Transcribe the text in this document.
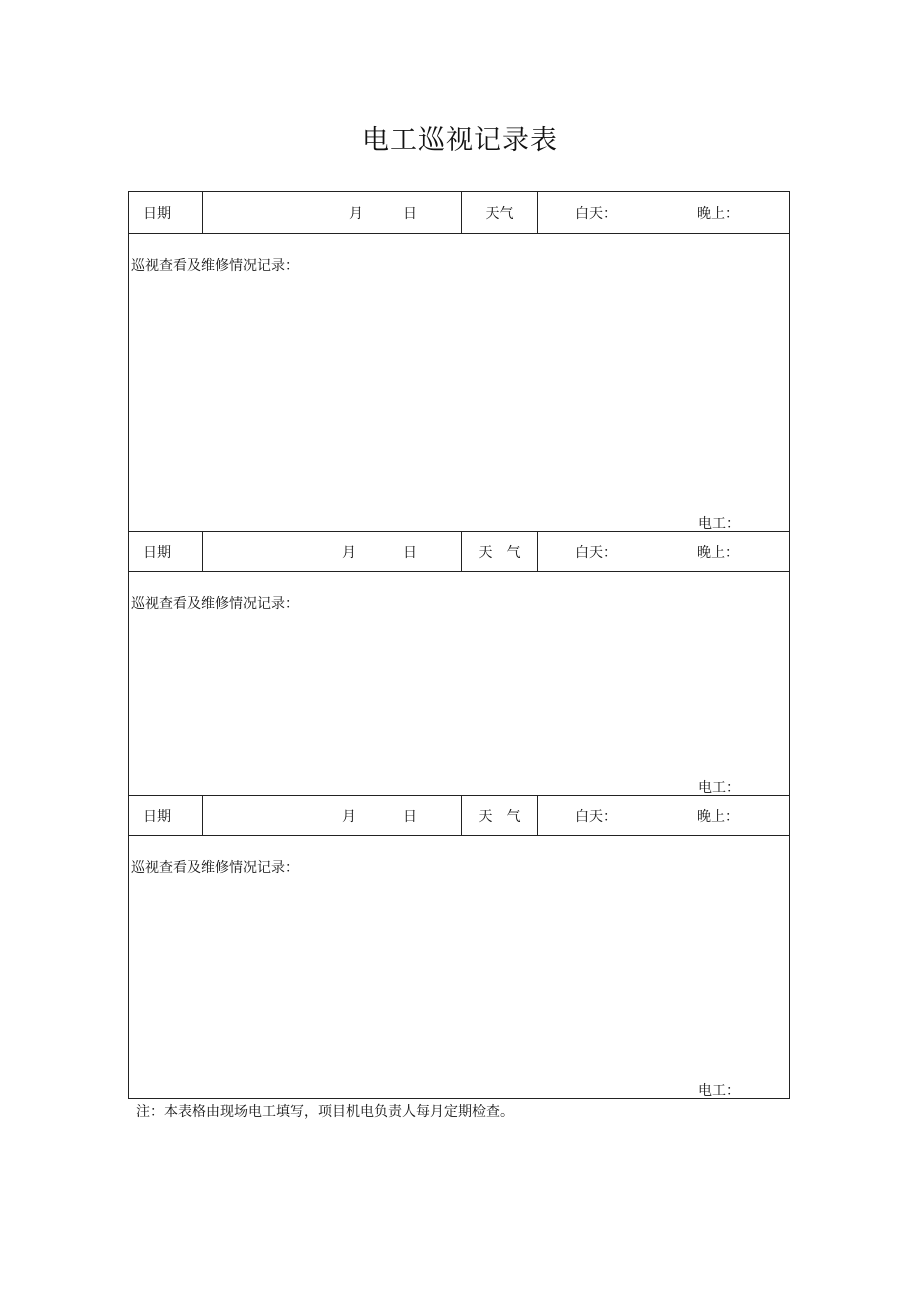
电工巡视记录表
日期	月	日	天气	白天：	晚上：
巡视查看及维修情况记录：
电工：
日期	月	日	天　气	白天：	晚上：
巡视查看及维修情况记录：
电工：
日期	月	日	天　气	白天：	晚上：
巡视查看及维修情况记录：
电工：
注：本表格由现场电工填写，项目机电负责人每月定期检查。
